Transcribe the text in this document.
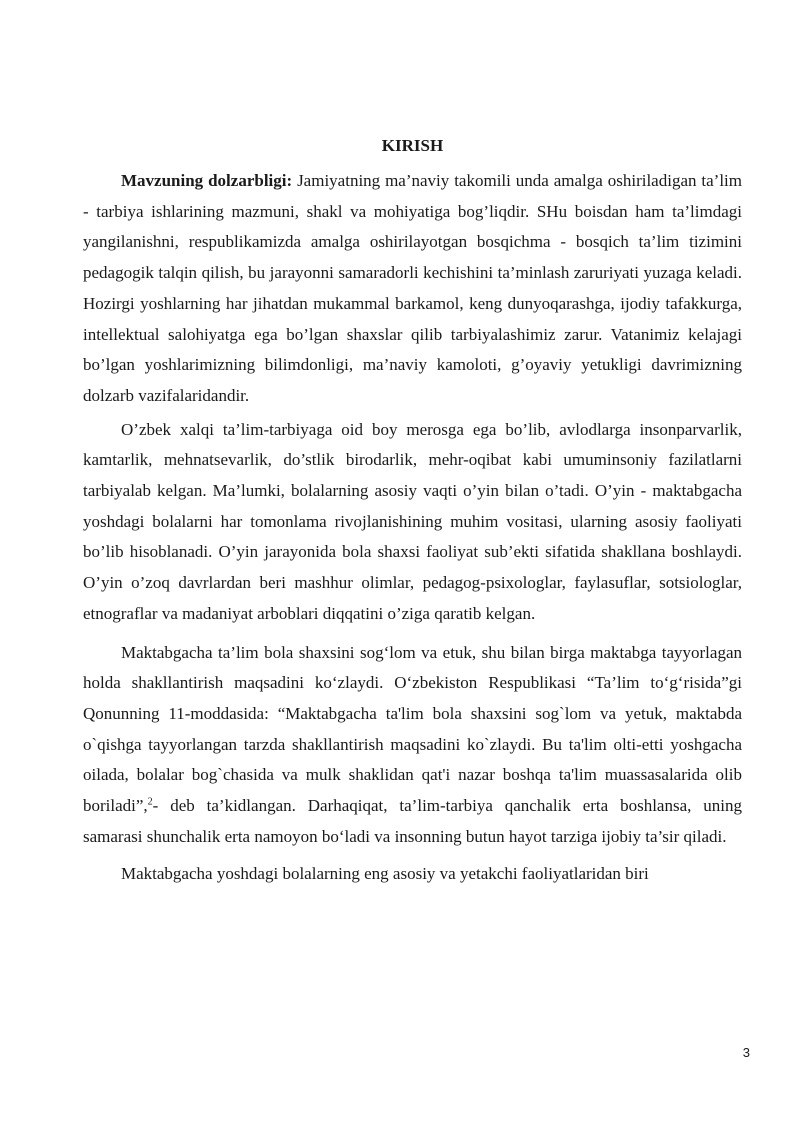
KIRISH

Mavzuning dolzarbligi: Jamiyatning ma’naviy takomili unda amalga oshiriladigan ta’lim - tarbiya ishlarining mazmuni, shakl va mohiyatiga bog’liqdir. SHu boisdan ham ta’limdagi yangilanishni, respublikamizda amalga oshirilayotgan bosqichma - bosqich ta’lim tizimini pedagogik talqin qilish, bu jarayonni samaradorli kechishini ta’minlash zaruriyati yuzaga keladi. Hozirgi yoshlarning har jihatdan mukammal barkamol, keng dunyoqarashga, ijodiy tafakkurga, intellektual salohiyatga ega bo’lgan shaxslar qilib tarbiyalashimiz zarur. Vatanimiz kelajagi bo’lgan yoshlarimizning bilimdonligi, ma’naviy kamoloti, g’oyaviy yetukligi davrimizning dolzarb vazifalaridandir.

O’zbek xalqi ta’lim-tarbiyaga oid boy merosga ega bo’lib, avlodlarga insonparvarlik, kamtarlik, mehnatsevarlik, do’stlik birodarlik, mehr-oqibat kabi umuminsoniy fazilatlarni tarbiyalab kelgan. Ma’lumki, bolalarning asosiy vaqti o’yin bilan o’tadi. O’yin - maktabgacha yoshdagi bolalarni har tomonlama rivojlanishining muhim vositasi, ularning asosiy faoliyati bo’lib hisoblanadi. O’yin jarayonida bola shaxsi faoliyat sub’ekti sifatida shakllana boshlaydi. O’yin o’zoq davrlardan beri mashhur olimlar, pedagog-psixologlar, faylasuflar, sotsiologlar, etnograflar va madaniyat arboblari diqqatini o’ziga qaratib kelgan.

Maktabgacha ta’lim bola shaxsini sog‘lom va etuk, shu bilan birga maktabga tayyorlagan holda shakllantirish maqsadini ko‘zlaydi. O‘zbekiston Respublikasi “Ta’lim to‘g‘risida”gi Qonunning 11-moddasida: “Maktabgacha ta'lim bola shaxsini sog`lom va yetuk, maktabda o`qishga tayyorlangan tarzda shakllantirish maqsadini ko`zlaydi. Bu ta'lim olti-etti yoshgacha oilada, bolalar bog`chasida va mulk shaklidan qat'i nazar boshqa ta'lim muassasalarida olib boriladi”,$^2$- deb ta’kidlangan. Darhaqiqat, ta’lim-tarbiya qanchalik erta boshlansa, uning samarasi shunchalik erta namoyon bo‘ladi va insonning butun hayot tarziga ijobiy ta’sir qiladi.

Maktabgacha yoshdagi bolalarning eng asosiy va yetakchi faoliyatlaridan biri

3
